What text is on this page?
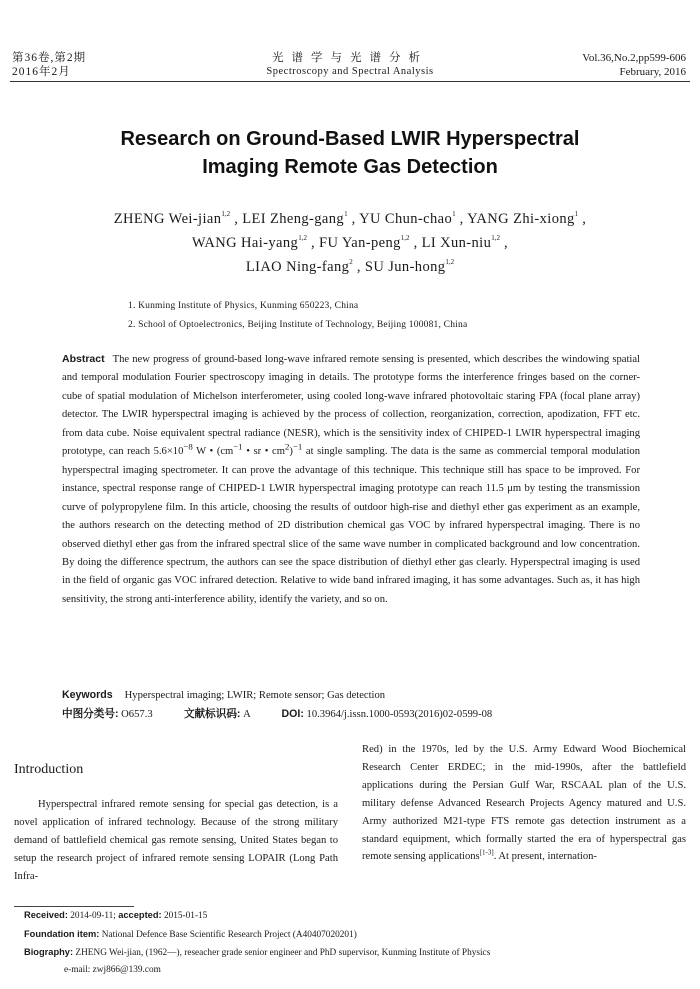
第36卷,第2期
2016年2月
光谱学与光谱分析
Spectroscopy and Spectral Analysis
Vol.36,No.2,pp599-606
February, 2016
Research on Ground-Based LWIR Hyperspectral
Imaging Remote Gas Detection
ZHENG Wei-jian$^{1,2}$ , LEI Zheng-gang$^1$ , YU Chun-chao$^1$ , YANG Zhi-xiong$^1$ ,
WANG Hai-yang$^{1,2}$ , FU Yan-peng$^{1,2}$ , LI Xun-niu$^{1,2}$ ,
LIAO Ning-fang$^2$ , SU Jun-hong$^{1,2}$
1. Kunming Institute of Physics, Kunming 650223, China
2. School of Optoelectronics, Beijing Institute of Technology, Beijing 100081, China
Abstract The new progress of ground-based long-wave infrared remote sensing is presented, which describes the windowing spatial and temporal modulation Fourier spectroscopy imaging in details. The prototype forms the interference fringes based on the corner-cube of spatial modulation of Michelson interferometer, using cooled long-wave infrared photovoltaic staring FPA (focal plane array) detector. The LWIR hyperspectral imaging is achieved by the process of collection, reorganization, correction, apodization, FFT etc. from data cube. Noise equivalent spectral radiance (NESR), which is the sensitivity index of CHIPED-1 LWIR hyperspectral imaging prototype, can reach $5.6\times 10^{-8}$ W • ($cm^{-1}$ • sr • $cm^2)^{-1}$ at single sampling. The data is the same as commercial temporal modulation hyperspectral imaging spectrometer. It can prove the advantage of this technique. This technique still has space to be improved. For instance, spectral response range of CHIPED-1 LWIR hyperspectral imaging prototype can reach 11.5 μm by testing the transmission curve of polypropylene film. In this article, choosing the results of outdoor high-rise and diethyl ether gas experiment as an example, the authors research on the detecting method of 2D distribution chemical gas VOC by infrared hyperspectral imaging. There is no observed diethyl ether gas from the infrared spectral slice of the same wave number in complicated background and low concentration. By doing the difference spectrum, the authors can see the space distribution of diethyl ether gas clearly. Hyperspectral imaging is used in the field of organic gas VOC infrared detection. Relative to wide band infrared imaging, it has some advantages. Such as, it has high sensitivity, the strong anti-interference ability, identify the variety, and so on.
Keywords Hyperspectral imaging; LWIR; Remote sensor; Gas detection
中图分类号: O657.3	文献标识码: A	DOI: 10.3964/j.issn.1000-0593(2016)02-0599-08
Introduction

Hyperspectral infrared remote sensing for special gas detection, is a novel application of infrared technology. Because of the strong military demand of battlefield chemical gas remote sensing, United States began to setup the research project of infrared remote sensing LOPAIR (Long Path Infra-

Red) in the 1970s, led by the U.S. Army Edward Wood Biochemical Research Center ERDEC; in the mid-1990s, after the battlefield applications during the Persian Gulf War, RSCAAL plan of the U.S. military defense Advanced Research Projects Agency matured and U.S. Army authorized M21-type FTS remote gas detection instrument as a standard equipment, which formally started the era of hyperspectral gas remote sensing applications[1-3]. At present, internation-

Received: 2014-09-11; accepted: 2015-01-15
Foundation item: National Defence Base Scientific Research Project (A40407020201)
Biography: ZHENG Wei-jian, (1962—), reseacher grade senior engineer and PhD supervisor, Kunming Institute of Physics
e-mail: zwj866@139.com
